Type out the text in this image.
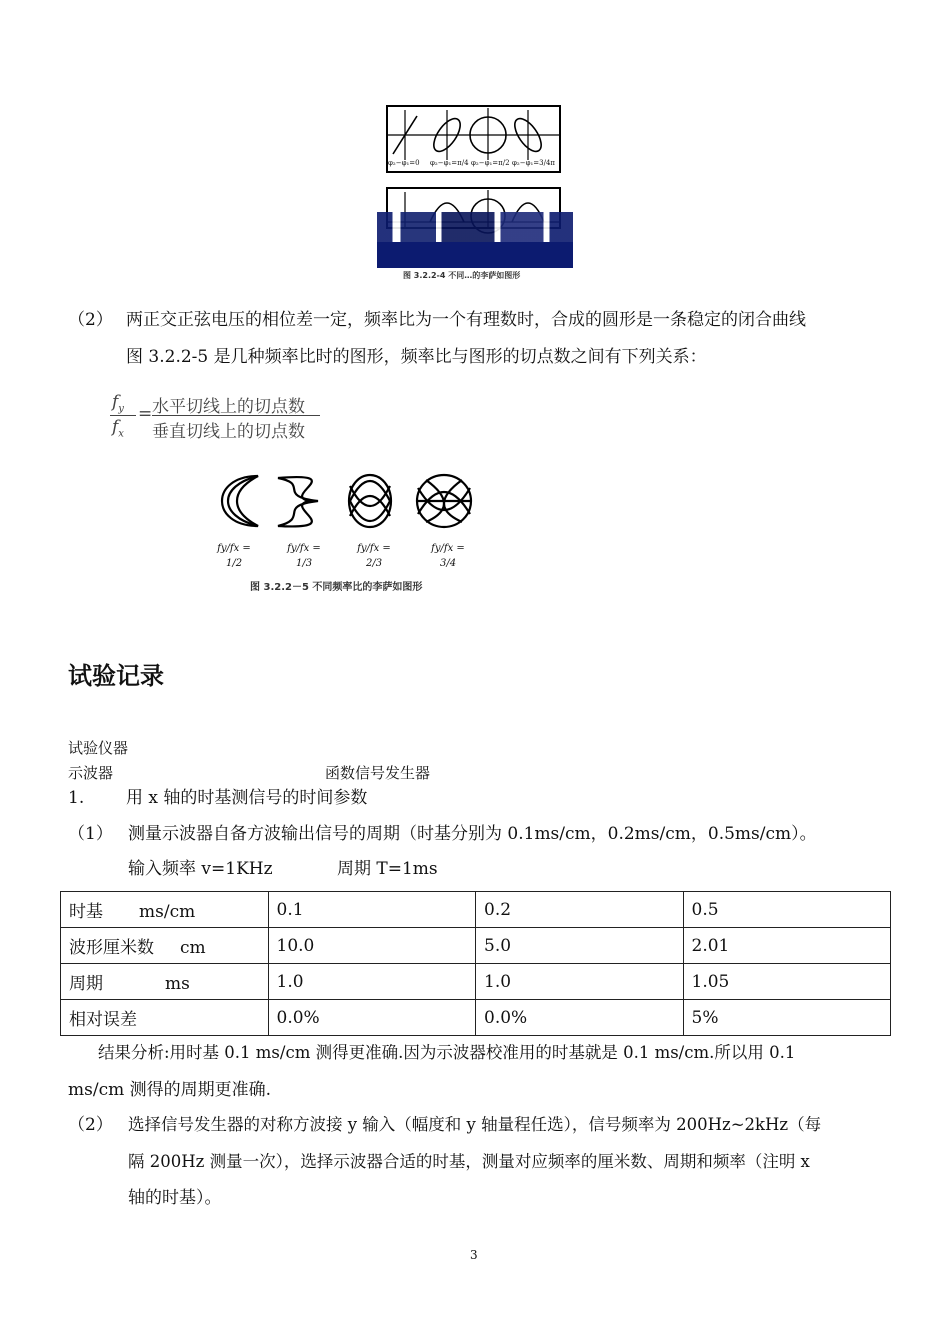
φ₂−φ₁=0 φ₂−φ₁=π/4 φ₂−φ₁=π/2 φ₂−φ₁=3/4π
图 3.2.2-4 不同…的李萨如图形
（2） 两正交正弦电压的相位差一定，频率比为一个有理数时，合成的圆形是一条稳定的闭合曲线
图 3.2.2-5 是几种频率比时的图形，频率比与图形的切点数之间有下列关系：
$f_y$
$f_x$
= 水平切线上的切点数
垂直切线上的切点数
fy/fx = 1/2
fy/fx = 1/3
fy/fx = 2/3
fy/fx = 3/4
图 3.2.2－5 不同频率比的李萨如图形
试验记录
试验仪器
示波器	函数信号发生器
1. 用 x 轴的时基测信号的时间参数
（1） 测量示波器自备方波输出信号的周期（时基分别为 0.1ms/cm，0.2ms/cm，0.5ms/cm）。
输入频率 v=1KHz	周期 T=1ms
时基 ms/cm	0.1	0.2	0.5
波形厘米数 cm	10.0	5.0	2.01
周期 ms	1.0	1.0	1.05
相对误差	0.0%	0.0%	5%
结果分析:用时基 0.1 ms/cm 测得更准确.因为示波器校准用的时基就是 0.1 ms/cm.所以用 0.1
ms/cm 测得的周期更准确.
（2） 选择信号发生器的对称方波接 y 输入（幅度和 y 轴量程任选），信号频率为 200Hz~2kHz（每
隔 200Hz 测量一次），选择示波器合适的时基，测量对应频率的厘米数、周期和频率（注明 x
轴的时基）。
3
